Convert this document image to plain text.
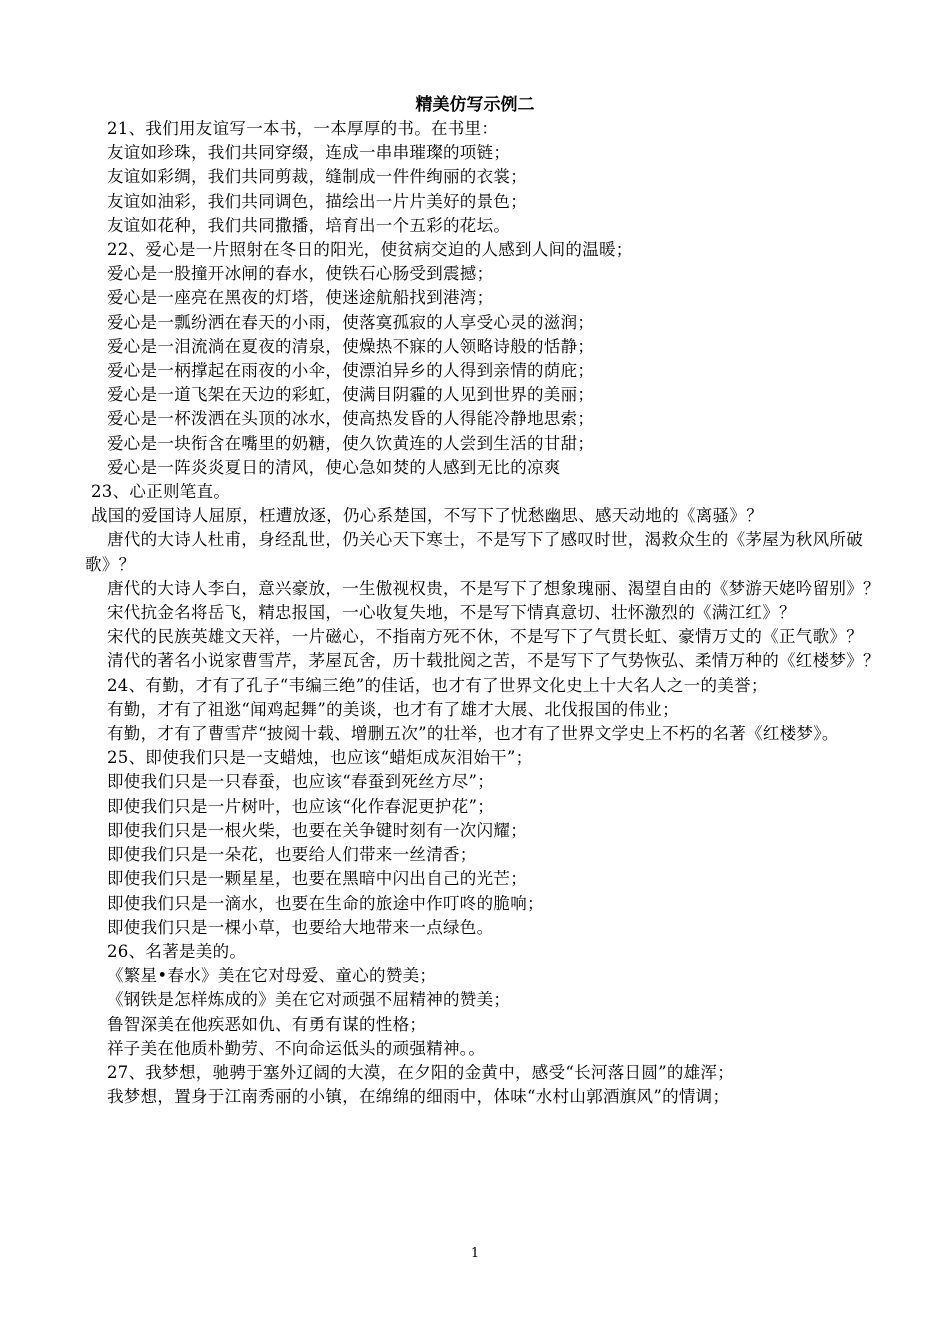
精美仿写示例二

21、我们用友谊写一本书，一本厚厚的书。在书里：

友谊如珍珠，我们共同穿缀，连成一串串璀璨的项链；

友谊如彩绸，我们共同剪裁，缝制成一件件绚丽的衣裳；

友谊如油彩，我们共同调色，描绘出一片片美好的景色；

友谊如花种，我们共同撒播，培育出一个五彩的花坛。

22、爱心是一片照射在冬日的阳光，使贫病交迫的人感到人间的温暖；

爱心是一股撞开冰闸的春水，使铁石心肠受到震撼；

爱心是一座亮在黑夜的灯塔，使迷途航船找到港湾；

爱心是一瓢纷洒在春天的小雨，使落寞孤寂的人享受心灵的滋润；

爱心是一泪流淌在夏夜的清泉，使燥热不寐的人领略诗般的恬静；

爱心是一柄撑起在雨夜的小伞，使漂泊异乡的人得到亲情的荫庇；

爱心是一道飞架在天边的彩虹，使满目阴霾的人见到世界的美丽；

爱心是一杯泼洒在头顶的冰水，使高热发昏的人得能冷静地思索；

爱心是一块衔含在嘴里的奶糖，使久饮黄连的人尝到生活的甘甜；

爱心是一阵炎炎夏日的清风，使心急如焚的人感到无比的凉爽

23、心正则笔直。

战国的爱国诗人屈原，枉遭放逐，仍心系楚国，不写下了忧愁幽思、感天动地的《离骚》？

唐代的大诗人杜甫，身经乱世，仍关心天下寒士，不是写下了感叹时世，渴救众生的《茅屋为秋风所破歌》？

唐代的大诗人李白，意兴豪放，一生傲视权贵，不是写下了想象瑰丽、渴望自由的《梦游天姥吟留别》？

宋代抗金名将岳飞，精忠报国，一心收复失地，不是写下情真意切、壮怀激烈的《满江红》？

宋代的民族英雄文天祥，一片磁心，不指南方死不休，不是写下了气贯长虹、豪情万丈的《正气歌》？

清代的著名小说家曹雪芹，茅屋瓦舍，历十载批阅之苦，不是写下了气势恢弘、柔情万种的《红楼梦》？

24、有勤，才有了孔子“韦编三绝”的佳话，也才有了世界文化史上十大名人之一的美誉；

有勤，才有了祖逖“闻鸡起舞”的美谈，也才有了雄才大展、北伐报国的伟业；

有勤，才有了曹雪芹“披阅十载、增删五次”的壮举，也才有了世界文学史上不朽的名著《红楼梦》。

25、即使我们只是一支蜡烛，也应该“蜡炬成灰泪始干”；

即使我们只是一只春蚕，也应该“春蚕到死丝方尽”；

即使我们只是一片树叶，也应该“化作春泥更护花”；

即使我们只是一根火柴，也要在关争键时刻有一次闪耀；

即使我们只是一朵花，也要给人们带来一丝清香；

即使我们只是一颗星星，也要在黑暗中闪出自己的光芒；

即使我们只是一滴水，也要在生命的旅途中作叮咚的脆响；

即使我们只是一棵小草，也要给大地带来一点绿色。

26、名著是美的。

《繁星•春水》美在它对母爱、童心的赞美；

《钢铁是怎样炼成的》美在它对顽强不屈精神的赞美；

鲁智深美在他疾恶如仇、有勇有谋的性格；

祥子美在他质朴勤劳、不向命运低头的顽强精神。。

27、我梦想，驰骋于塞外辽阔的大漠，在夕阳的金黄中，感受“长河落日圆”的雄浑；

我梦想，置身于江南秀丽的小镇，在绵绵的细雨中，体味“水村山郭酒旗风”的情调；

1
